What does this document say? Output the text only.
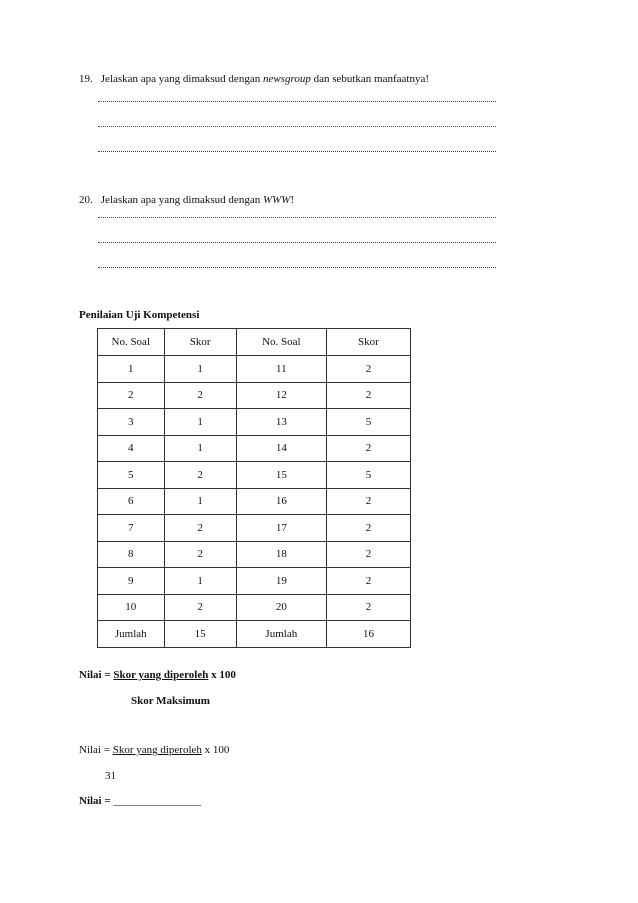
19. Jelaskan apa yang dimaksud dengan newsgroup dan sebutkan manfaatnya!
20. Jelaskan apa yang dimaksud dengan WWW!
Penilaian Uji Kompetensi
No. Soal	Skor	No. Soal	Skor
1	1	11	2
2	2	12	2
3	1	13	5
4	1	14	2
5	2	15	5
6	1	16	2
7	2	17	2
8	2	18	2
9	1	19	2
10	2	20	2
Jumlah	15	Jumlah	16
Nilai = Skor yang diperoleh x 100
Skor Maksimum
Nilai = Skor yang diperoleh x 100
31
Nilai = ________________
